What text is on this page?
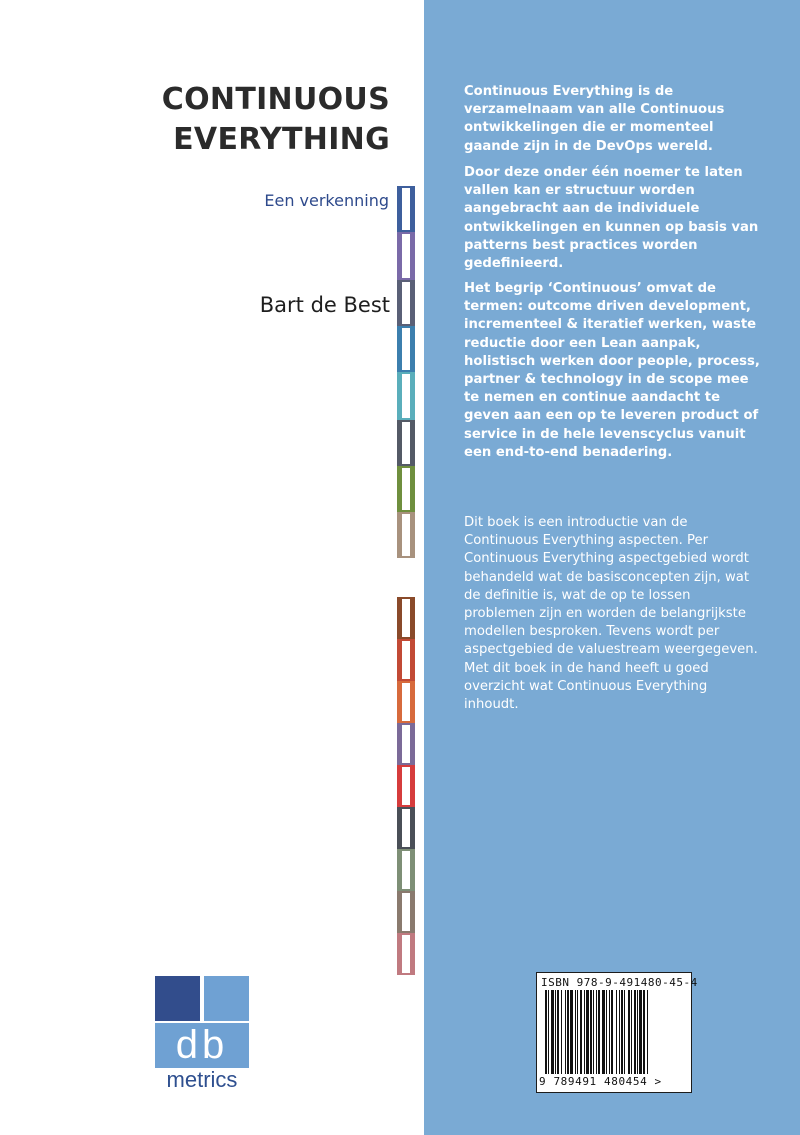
CONTINUOUS
EVERYTHING
Een verkenning
Bart de Best

Continuous Everything is de verzamelnaam van alle Continuous ontwikkelingen die er momenteel gaande zijn in de DevOps wereld.

Door deze onder één noemer te laten vallen kan er structuur worden aangebracht aan de individuele ontwikkelingen en kunnen op basis van patterns best practices worden gedefinieerd.

Het begrip ‘Continuous’ omvat de termen: outcome driven development, incrementeel & iteratief werken, waste reductie door een Lean aanpak, holistisch werken door people, process, partner & technology in de scope mee te nemen en continue aandacht te geven aan een op te leveren product of service in de hele levenscyclus vanuit een end-to-end benadering.

Dit boek is een introductie van de Continuous Everything aspecten. Per Continuous Everything aspectgebied wordt behandeld wat de basisconcepten zijn, wat de definitie is, wat de op te lossen problemen zijn en worden de belangrijkste modellen besproken. Tevens wordt per aspectgebied de valuestream weergegeven. Met dit boek in de hand heeft u goed overzicht wat Continuous Everything inhoudt.

db
metrics
ISBN 978-9-491480-45-4
9 789491 480454 >
